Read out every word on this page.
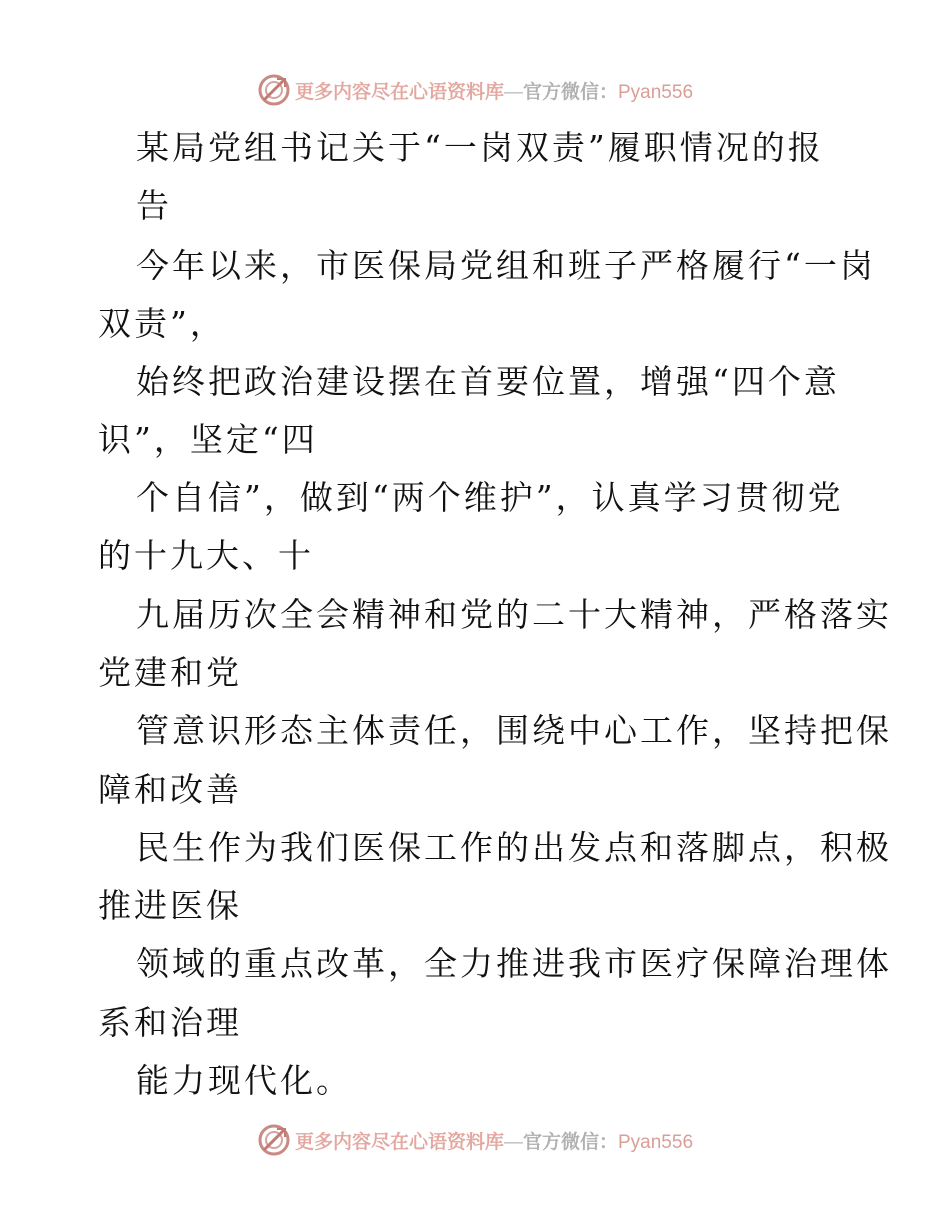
更多内容尽在心语资料库—官方微信：Pyan556
某局党组书记关于“一岗双责”履职情况的报
告
今年以来，市医保局党组和班子严格履行“一岗
双责”，
始终把政治建设摆在首要位置，增强“四个意
识”，坚定“四
个自信”，做到“两个维护”，认真学习贯彻党
的十九大、十
九届历次全会精神和党的二十大精神，严格落实
党建和党
管意识形态主体责任，围绕中心工作，坚持把保
障和改善
民生作为我们医保工作的出发点和落脚点，积极
推进医保
领域的重点改革，全力推进我市医疗保障治理体
系和治理
能力现代化。
更多内容尽在心语资料库—官方微信：Pyan556
